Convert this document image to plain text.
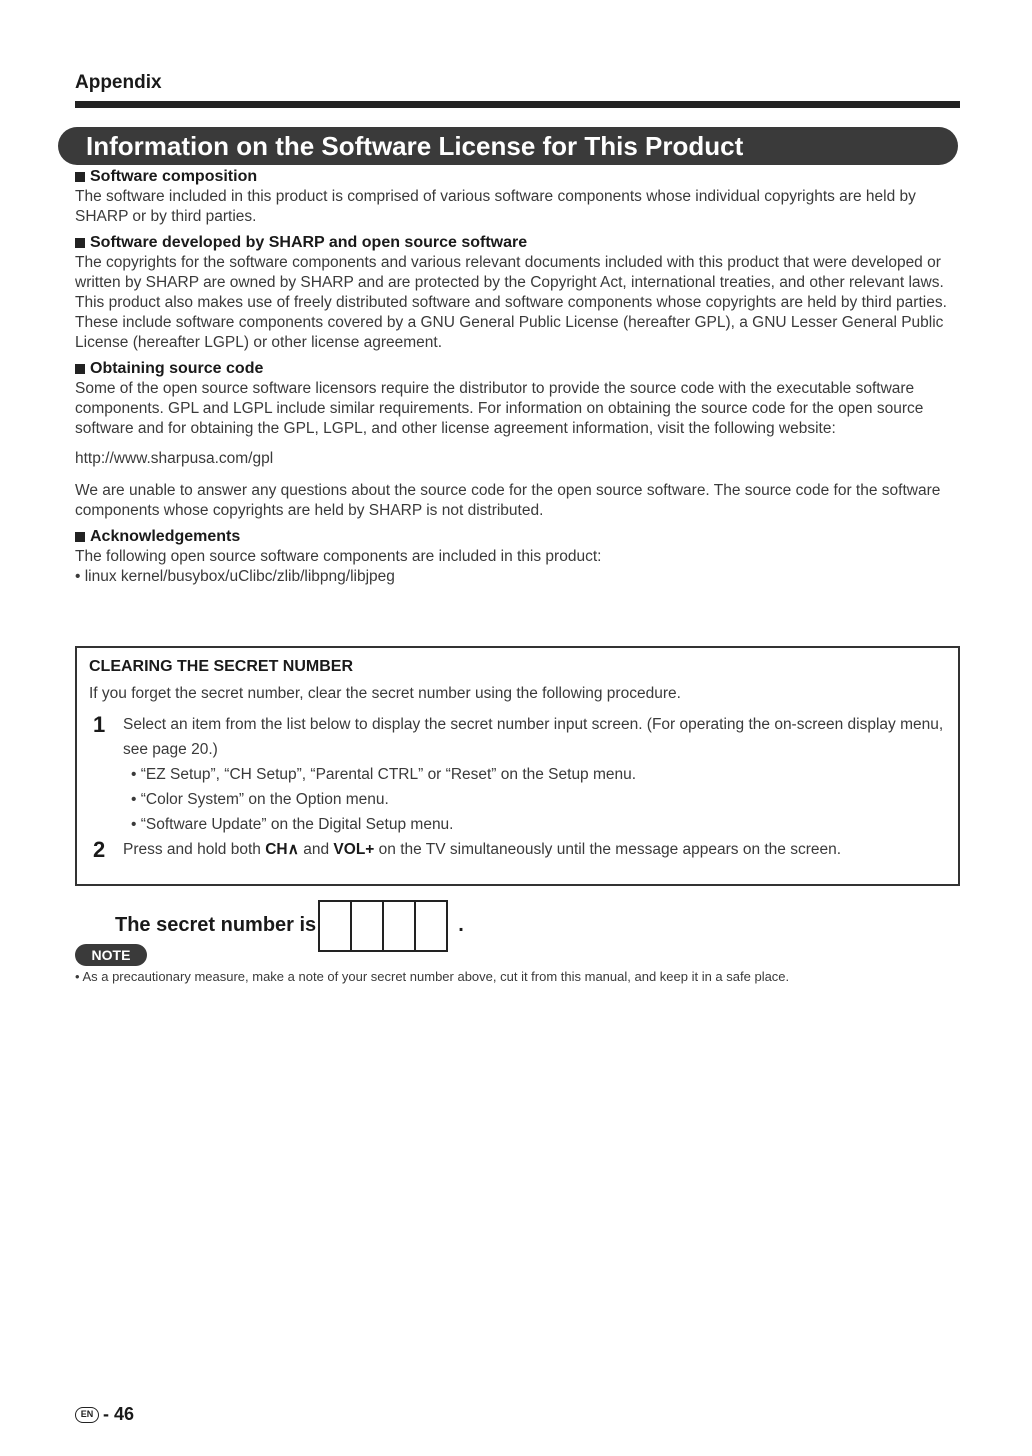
Appendix
Information on the Software License for This Product
Software composition

The software included in this product is comprised of various software components whose individual copyrights are held by SHARP or by third parties.

Software developed by SHARP and open source software

The copyrights for the software components and various relevant documents included with this product that were developed or written by SHARP are owned by SHARP and are protected by the Copyright Act, international treaties, and other relevant laws. This product also makes use of freely distributed software and software components whose copyrights are held by third parties. These include software components covered by a GNU General Public License (hereafter GPL), a GNU Lesser General Public License (hereafter LGPL) or other license agreement.

Obtaining source code

Some of the open source software licensors require the distributor to provide the source code with the executable software components. GPL and LGPL include similar requirements. For information on obtaining the source code for the open source software and for obtaining the GPL, LGPL, and other license agreement information, visit the following website:

http://www.sharpusa.com/gpl

We are unable to answer any questions about the source code for the open source software. The source code for the software components whose copyrights are held by SHARP is not distributed.

Acknowledgements

The following open source software components are included in this product:

• linux kernel/busybox/uClibc/zlib/libpng/libjpeg

CLEARING THE SECRET NUMBER
If you forget the secret number, clear the secret number using the following procedure.
1	Select an item from the list below to display the secret number input screen. (For operating the on-screen display menu, see page 20.)
• “EZ Setup”, “CH Setup”, “Parental CTRL” or “Reset” on the Setup menu.
• “Color System” on the Option menu.
• “Software Update” on the Digital Setup menu.
2	Press and hold both CH∧ and VOL+ on the TV simultaneously until the message appears on the screen.
The secret number is	.
NOTE
• As a precautionary measure, make a note of your secret number above, cut it from this manual, and keep it in a safe place.
EN - 46
